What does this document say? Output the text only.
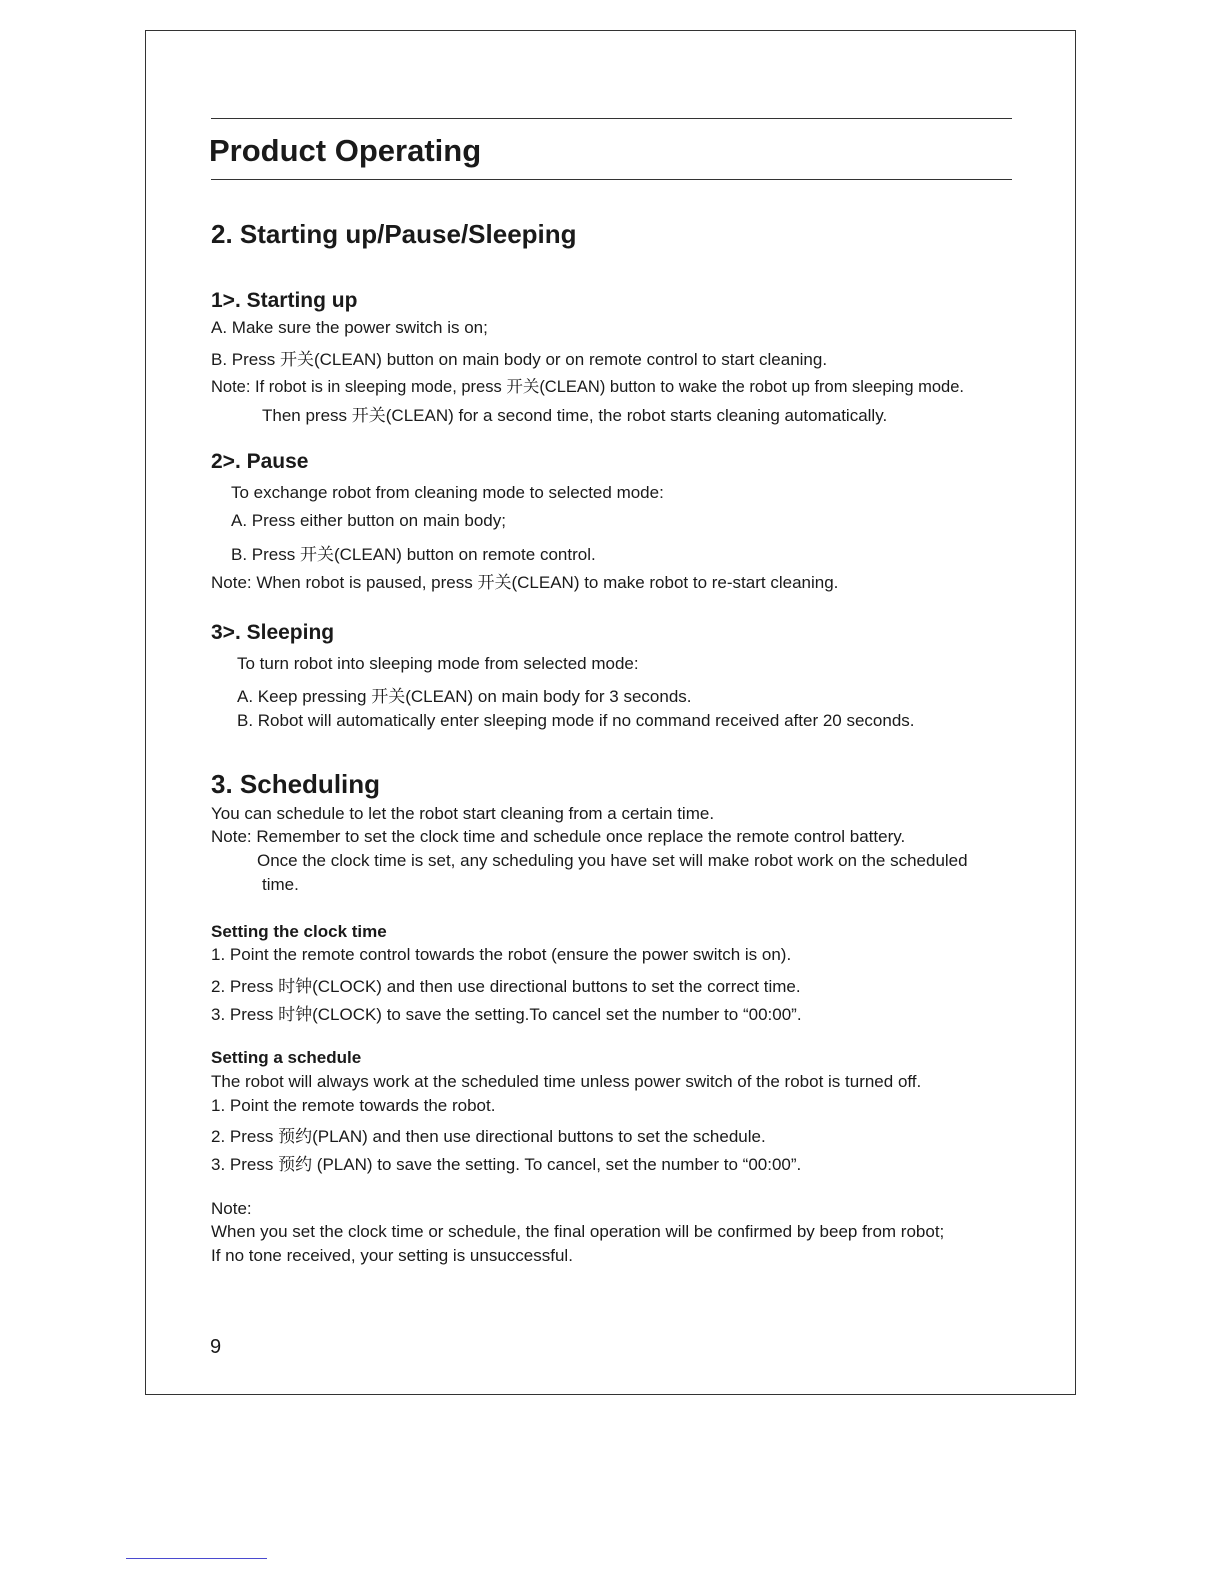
Product Operating
2. Starting up/Pause/Sleeping
1>. Starting up
A. Make sure the power switch is on;
B. Press 开关(CLEAN) button on main body or on remote control to start cleaning.
Note: If robot is in sleeping mode, press 开关(CLEAN) button to wake the robot up from sleeping mode.
Then press 开关(CLEAN) for a second time, the robot starts cleaning automatically.
2>. Pause
To exchange robot from cleaning mode to selected mode:
A. Press either button on main body;
B. Press 开关(CLEAN) button on remote control.
Note: When robot is paused, press 开关(CLEAN) to make robot to re-start cleaning.
3>. Sleeping
To turn robot into sleeping mode from selected mode:
A. Keep pressing 开关(CLEAN) on main body for 3 seconds.
B. Robot will automatically enter sleeping mode if no command received after 20 seconds.
3. Scheduling
You can schedule to let the robot start cleaning from a certain time.
Note: Remember to set the clock time and schedule once replace the remote control battery.
Once the clock time is set, any scheduling you have set will make robot work on the scheduled
time.
Setting the clock time
1. Point the remote control towards the robot (ensure the power switch is on).
2. Press 时钟(CLOCK) and then use directional buttons to set the correct time.
3. Press 时钟(CLOCK) to save the setting.To cancel set the number to “00:00”.
Setting a schedule
The robot will always work at the scheduled time unless power switch of the robot is turned off.
1. Point the remote towards the robot.
2. Press 预约(PLAN) and then use directional buttons to set the schedule.
3. Press 预约 (PLAN) to save the setting. To cancel, set the number to “00:00”.
Note:
When you set the clock time or schedule, the final operation will be confirmed by beep from robot;
If no tone received, your setting is unsuccessful.
9
